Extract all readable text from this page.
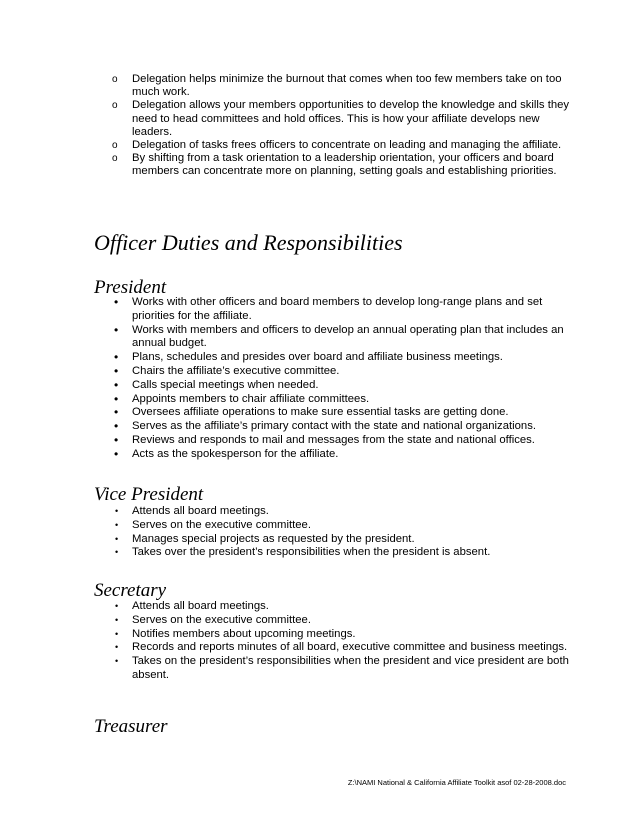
o Delegation helps minimize the burnout that comes when too few members take on too much work.
o Delegation allows your members opportunities to develop the knowledge and skills they need to head committees and hold offices. This is how your affiliate develops new leaders.
o Delegation of tasks frees officers to concentrate on leading and managing the affiliate.
o By shifting from a task orientation to a leadership orientation, your officers and board members can concentrate more on planning, setting goals and establishing priorities.
Officer Duties and Responsibilities
President
• Works with other officers and board members to develop long-range plans and set priorities for the affiliate.
• Works with members and officers to develop an annual operating plan that includes an annual budget.
• Plans, schedules and presides over board and affiliate business meetings.
• Chairs the affiliate’s executive committee.
• Calls special meetings when needed.
• Appoints members to chair affiliate committees.
• Oversees affiliate operations to make sure essential tasks are getting done.
• Serves as the affiliate’s primary contact with the state and national organizations.
• Reviews and responds to mail and messages from the state and national offices.
• Acts as the spokesperson for the affiliate.
Vice President
• Attends all board meetings.
• Serves on the executive committee.
• Manages special projects as requested by the president.
• Takes over the president’s responsibilities when the president is absent.
Secretary
• Attends all board meetings.
• Serves on the executive committee.
• Notifies members about upcoming meetings.
• Records and reports minutes of all board, executive committee and business meetings.
• Takes on the president’s responsibilities when the president and vice president are both absent.
Treasurer
Z:\NAMI National & California Affiliate Toolkit asof 02-28-2008.doc
